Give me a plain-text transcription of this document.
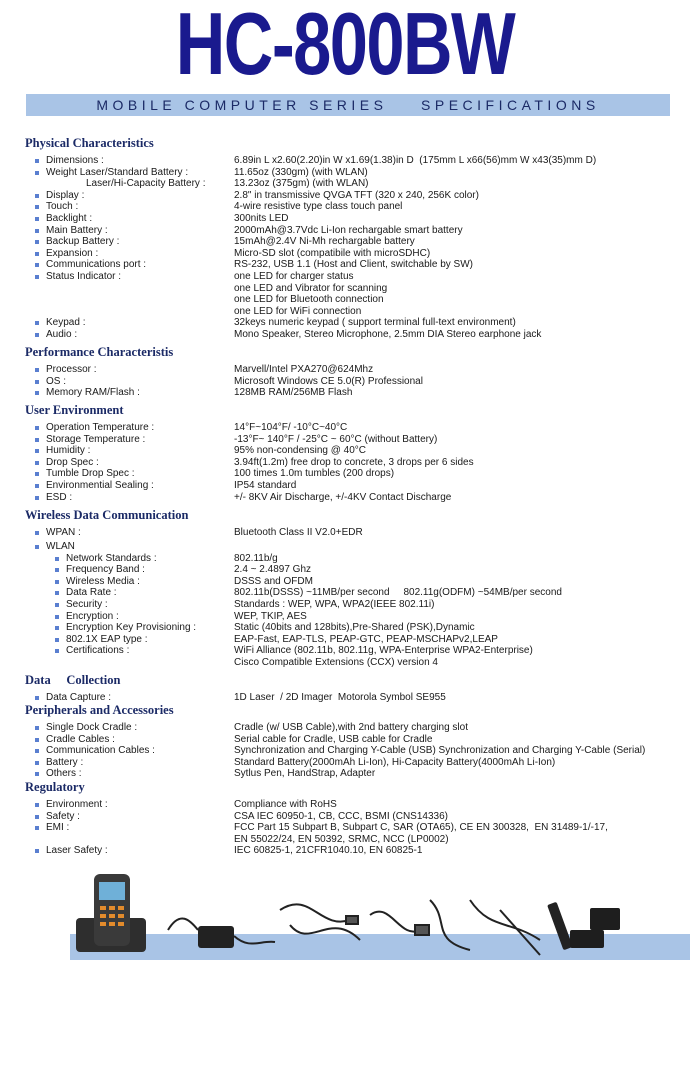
HC-800BW
MOBILE COMPUTER SERIES    SPECIFICATIONS
Physical Characteristics
Dimensions :	6.89in L x2.60(2.20)in W x1.69(1.38)in D  (175mm L x66(56)mm W x43(35)mm D)
Weight Laser/Standard Battery :	11.65oz (330gm) (with WLAN)
Laser/Hi-Capacity Battery :	13.23oz (375gm) (with WLAN)
Display :	2.8" in transmissive QVGA TFT (320 x 240, 256K color)
Touch :	4-wire resistive type class touch panel
Backlight :	300nits LED
Main Battery :	2000mAh@3.7Vdc Li-Ion rechargable smart battery
Backup Battery :	15mAh@2.4V Ni-Mh rechargable battery
Expansion :	Micro-SD slot (compatibile with microSDHC)
Communications port :	RS-232, USB 1.1 (Host and Client, switchable by SW)
Status Indicator :	one LED for charger status
one LED and Vibrator for scanning
one LED for Bluetooth connection
one LED for WiFi connection
Keypad :	32keys numeric keypad ( support terminal full-text environment)
Audio :	Mono Speaker, Stereo Microphone, 2.5mm DIA Stereo earphone jack
Performance Characteristis
Processor :	Marvell/Intel PXA270@624Mhz
OS :	Microsoft Windows CE 5.0(R) Professional
Memory RAM/Flash :	128MB RAM/256MB Flash
User Environment
Operation Temperature :	14°F~104°F/ -10°C~40°C
Storage Temperature :	-13°F~ 140°F / -25°C ~ 60°C (without Battery)
Humidity :	95% non-condensing @ 40°C
Drop Spec :	3.94ft(1.2m) free drop to concrete, 3 drops per 6 sides
Tumble Drop Spec :	100 times 1.0m tumbles (200 drops)
Environmential Sealing :	IP54 standard
ESD :	+/- 8KV Air Discharge, +/-4KV Contact Discharge
Wireless Data Communication
WPAN :	Bluetooth Class II V2.0+EDR
WLAN
Network Standards :	802.11b/g
Frequency Band :	2.4 ~ 2.4897 Ghz
Wireless Media :	DSSS and OFDM
Data Rate :	802.11b(DSSS) ~11MB/per second     802.11g(ODFM) ~54MB/per second
Security :	Standards : WEP, WPA, WPA2(IEEE 802.11i)
Encryption :	WEP, TKIP, AES
Encryption Key Provisioning :	Static (40bits and 128bits),Pre-Shared (PSK),Dynamic
802.1X EAP type :	EAP-Fast, EAP-TLS, PEAP-GTC, PEAP-MSCHAPv2,LEAP
Certifications :	WiFi Alliance (802.11b, 802.11g, WPA-Enterprise WPA2-Enterprise)
Cisco Compatible Extensions (CCX) version 4
Data     Collection
Data Capture :	1D Laser  / 2D Imager  Motorola Symbol SE955
Peripherals and Accessories
Single Dock Cradle :	Cradle (w/ USB Cable),with 2nd battery charging slot
Cradle Cables :	Serial cable for Cradle, USB cable for Cradle
Communication Cables :	Synchronization and Charging Y-Cable (USB) Synchronization and Charging Y-Cable (Serial)
Battery :	Standard Battery(2000mAh Li-Ion), Hi-Capacity Battery(4000mAh Li-Ion)
Others :	Sytlus Pen, HandStrap, Adapter
Regulatory
Environment :	Compliance with RoHS
Safety :	CSA IEC 60950-1, CB, CCC, BSMI (CNS14336)
EMI :	FCC Part 15 Subpart B, Subpart C, SAR (OTA65), CE EN 300328,  EN 31489-1/-17,
EN 55022/24, EN 50392, SRMC, NCC (LP0002)
Laser Safety :	IEC 60825-1, 21CFR1040.10, EN 60825-1
